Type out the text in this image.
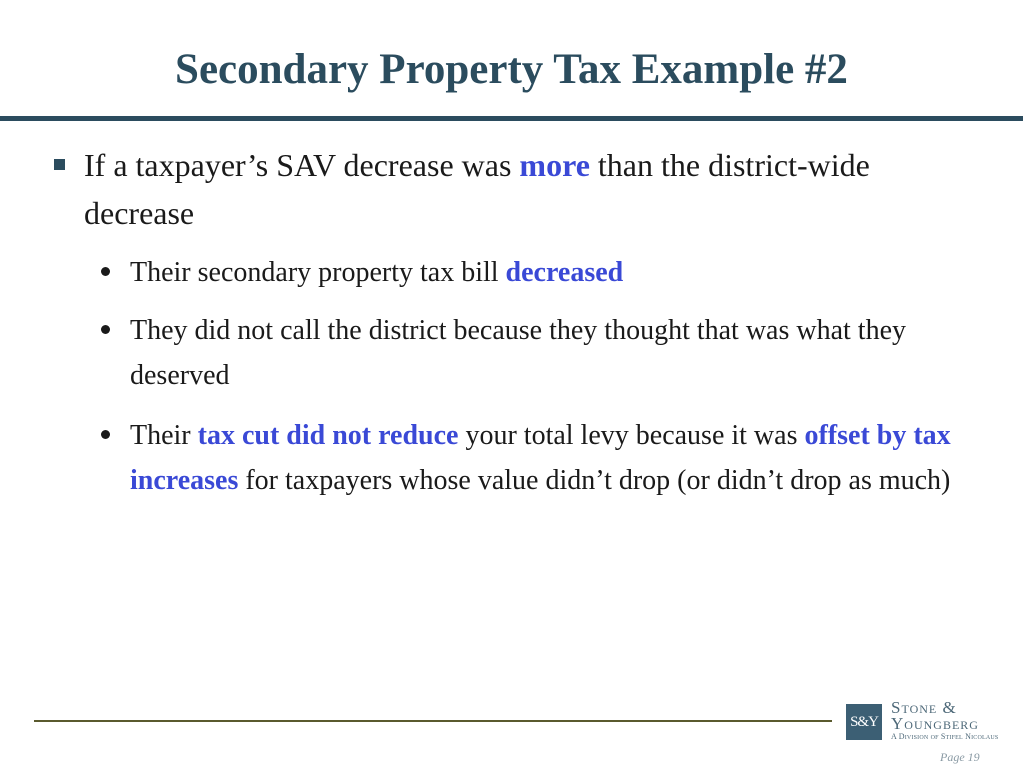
Secondary Property Tax Example #2
If a taxpayer’s SAV decrease was more than the district-wide decrease
Their secondary property tax bill decreased
They did not call the district because they thought that was what they deserved
Their tax cut did not reduce your total levy because it was offset by tax increases for taxpayers whose value didn’t drop (or didn’t drop as much)
S&Y
Stone &
Youngberg
A Division of Stifel Nicolaus
Page 19
